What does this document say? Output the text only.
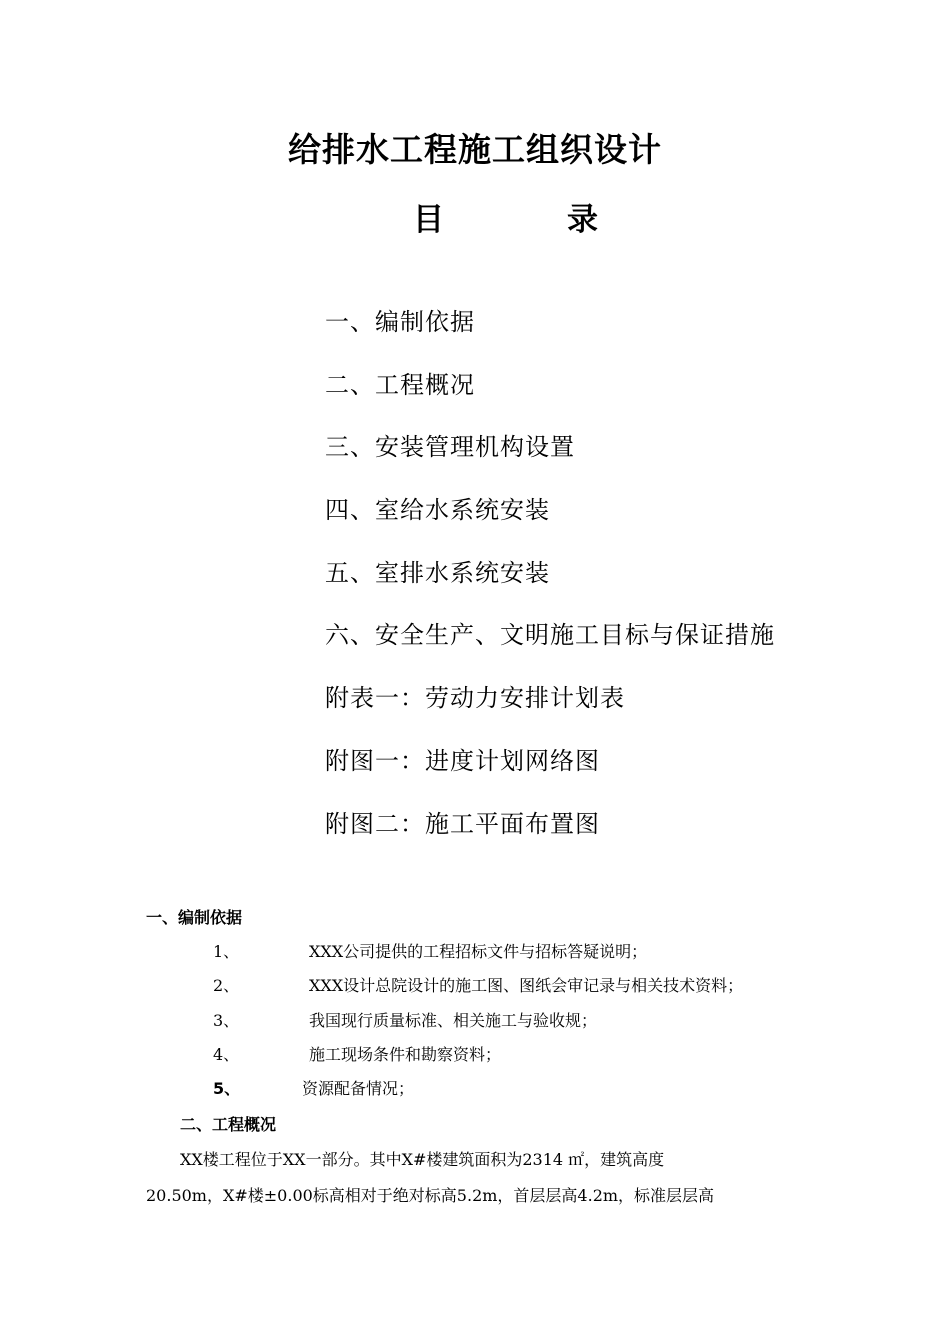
给排水工程施工组织设计
目	录
一、编制依据
二、工程概况
三、安装管理机构设置
四、室给水系统安装
五、室排水系统安装
六、安全生产、文明施工目标与保证措施
附表一：劳动力安排计划表
附图一：进度计划网络图
附图二：施工平面布置图
一、编制依据
1、	XXX公司提供的工程招标文件与招标答疑说明；
2、	XXX设计总院设计的施工图、图纸会审记录与相关技术资料；
3、	我国现行质量标准、相关施工与验收规；
4、	施工现场条件和勘察资料；
5、	资源配备情况；
二、工程概况
XX楼工程位于XX一部分。其中X#楼建筑面积为2314 ㎡，建筑高度
20.50m，X#楼±0.00标高相对于绝对标高5.2m，首层层高4.2m，标准层层高
